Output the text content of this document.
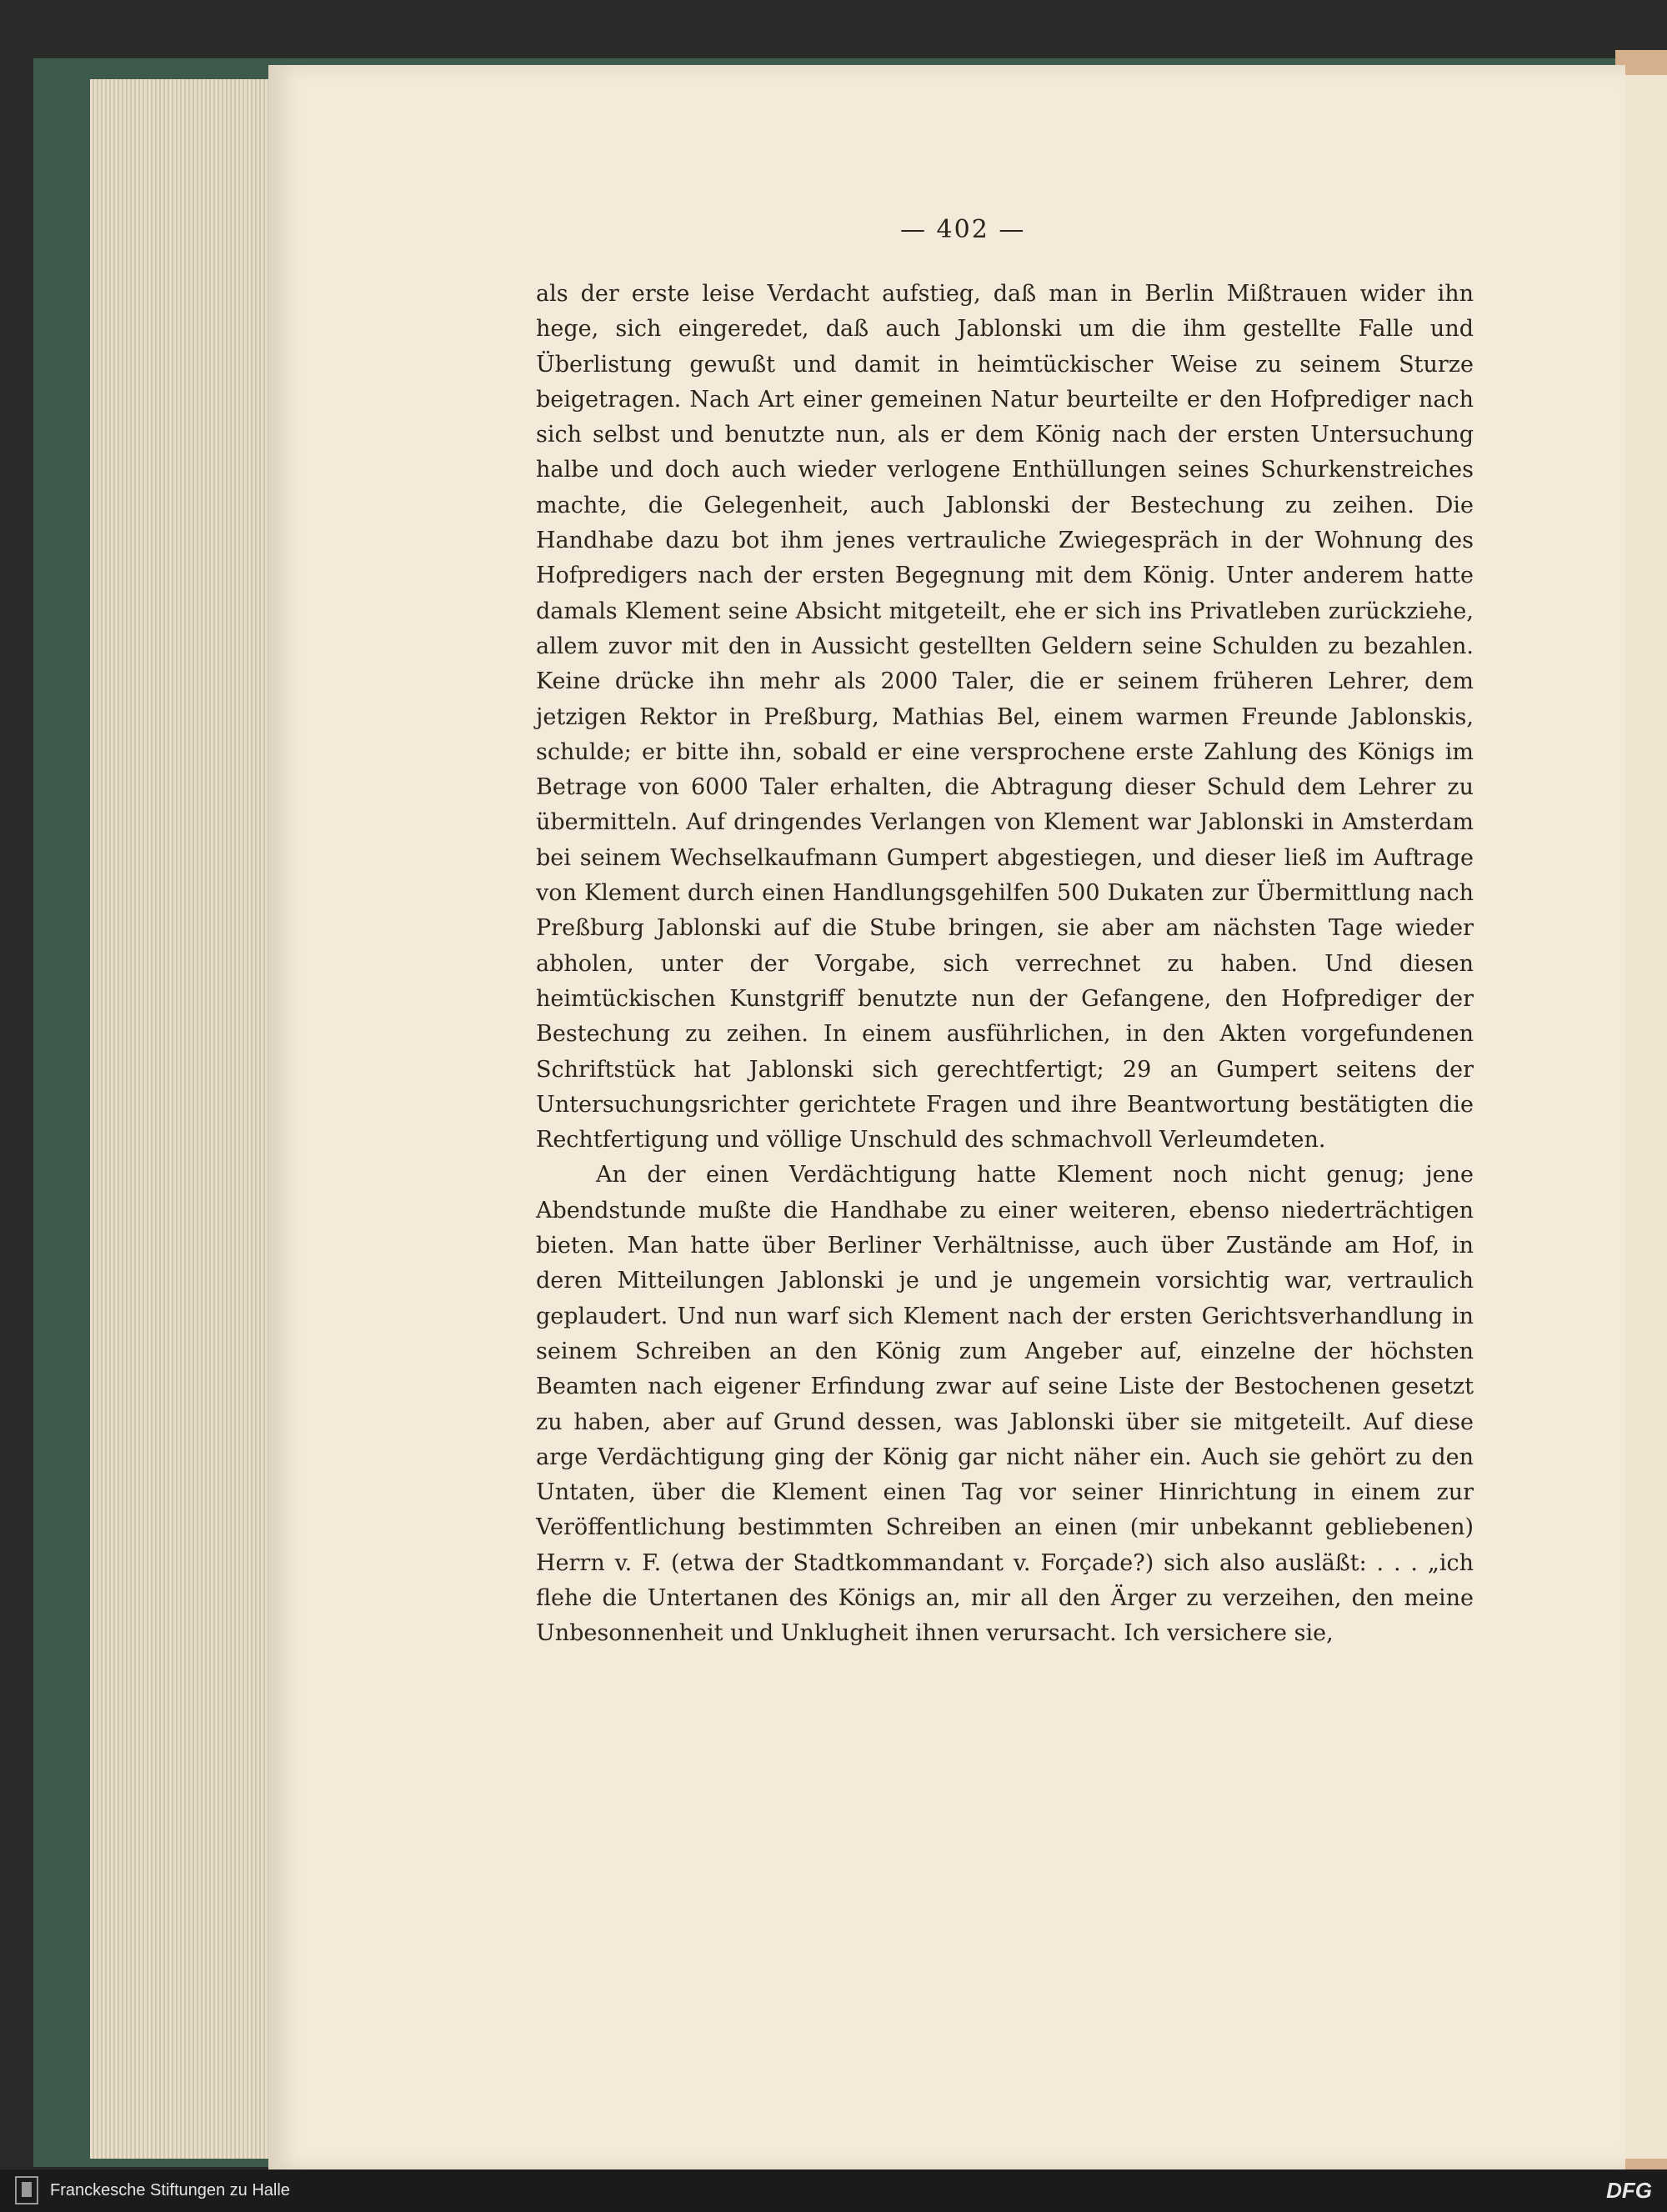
— 402 —

als der erste leise Verdacht aufstieg, daß man in Berlin Mißtrauen wider ihn hege, sich eingeredet, daß auch Jablonski um die ihm gestellte Falle und Überlistung gewußt und damit in heimtückischer Weise zu seinem Sturze beigetragen. Nach Art einer gemeinen Natur beurteilte er den Hofprediger nach sich selbst und benutzte nun, als er dem König nach der ersten Untersuchung halbe und doch auch wieder verlogene Enthüllungen seines Schurkenstreiches machte, die Gelegenheit, auch Jablonski der Bestechung zu zeihen. Die Handhabe dazu bot ihm jenes vertrauliche Zwiegespräch in der Wohnung des Hofpredigers nach der ersten Begegnung mit dem König. Unter anderem hatte damals Klement seine Absicht mitgeteilt, ehe er sich ins Privatleben zurückziehe, allem zuvor mit den in Aussicht gestellten Geldern seine Schulden zu bezahlen. Keine drücke ihn mehr als 2000 Taler, die er seinem früheren Lehrer, dem jetzigen Rektor in Preßburg, Mathias Bel, einem warmen Freunde Jablonskis, schulde; er bitte ihn, sobald er eine versprochene erste Zahlung des Königs im Betrage von 6000 Taler erhalten, die Abtragung dieser Schuld dem Lehrer zu übermitteln. Auf dringendes Verlangen von Klement war Jablonski in Amsterdam bei seinem Wechselkaufmann Gumpert abgestiegen, und dieser ließ im Auftrage von Klement durch einen Handlungsgehilfen 500 Dukaten zur Übermittlung nach Preßburg Jablonski auf die Stube bringen, sie aber am nächsten Tage wieder abholen, unter der Vorgabe, sich verrechnet zu haben. Und diesen heimtückischen Kunstgriff benutzte nun der Gefangene, den Hofprediger der Bestechung zu zeihen. In einem ausführlichen, in den Akten vorgefundenen Schriftstück hat Jablonski sich gerechtfertigt; 29 an Gumpert seitens der Untersuchungsrichter gerichtete Fragen und ihre Beantwortung bestätigten die Rechtfertigung und völlige Unschuld des schmachvoll Verleumdeten.

An der einen Verdächtigung hatte Klement noch nicht genug; jene Abendstunde mußte die Handhabe zu einer weiteren, ebenso niederträchtigen bieten. Man hatte über Berliner Verhältnisse, auch über Zustände am Hof, in deren Mitteilungen Jablonski je und je ungemein vorsichtig war, vertraulich geplaudert. Und nun warf sich Klement nach der ersten Gerichtsverhandlung in seinem Schreiben an den König zum Angeber auf, einzelne der höchsten Beamten nach eigener Erfindung zwar auf seine Liste der Bestochenen gesetzt zu haben, aber auf Grund dessen, was Jablonski über sie mitgeteilt. Auf diese arge Verdächtigung ging der König gar nicht näher ein. Auch sie gehört zu den Untaten, über die Klement einen Tag vor seiner Hinrichtung in einem zur Veröffentlichung bestimmten Schreiben an einen (mir unbekannt gebliebenen) Herrn v. F. (etwa der Stadtkommandant v. Forçade?) sich also ausläßt: . . . „ich flehe die Untertanen des Königs an, mir all den Ärger zu verzeihen, den meine Unbesonnenheit und Unklugheit ihnen verursacht. Ich versichere sie,

Franckesche Stiftungen zu Halle	DFG
